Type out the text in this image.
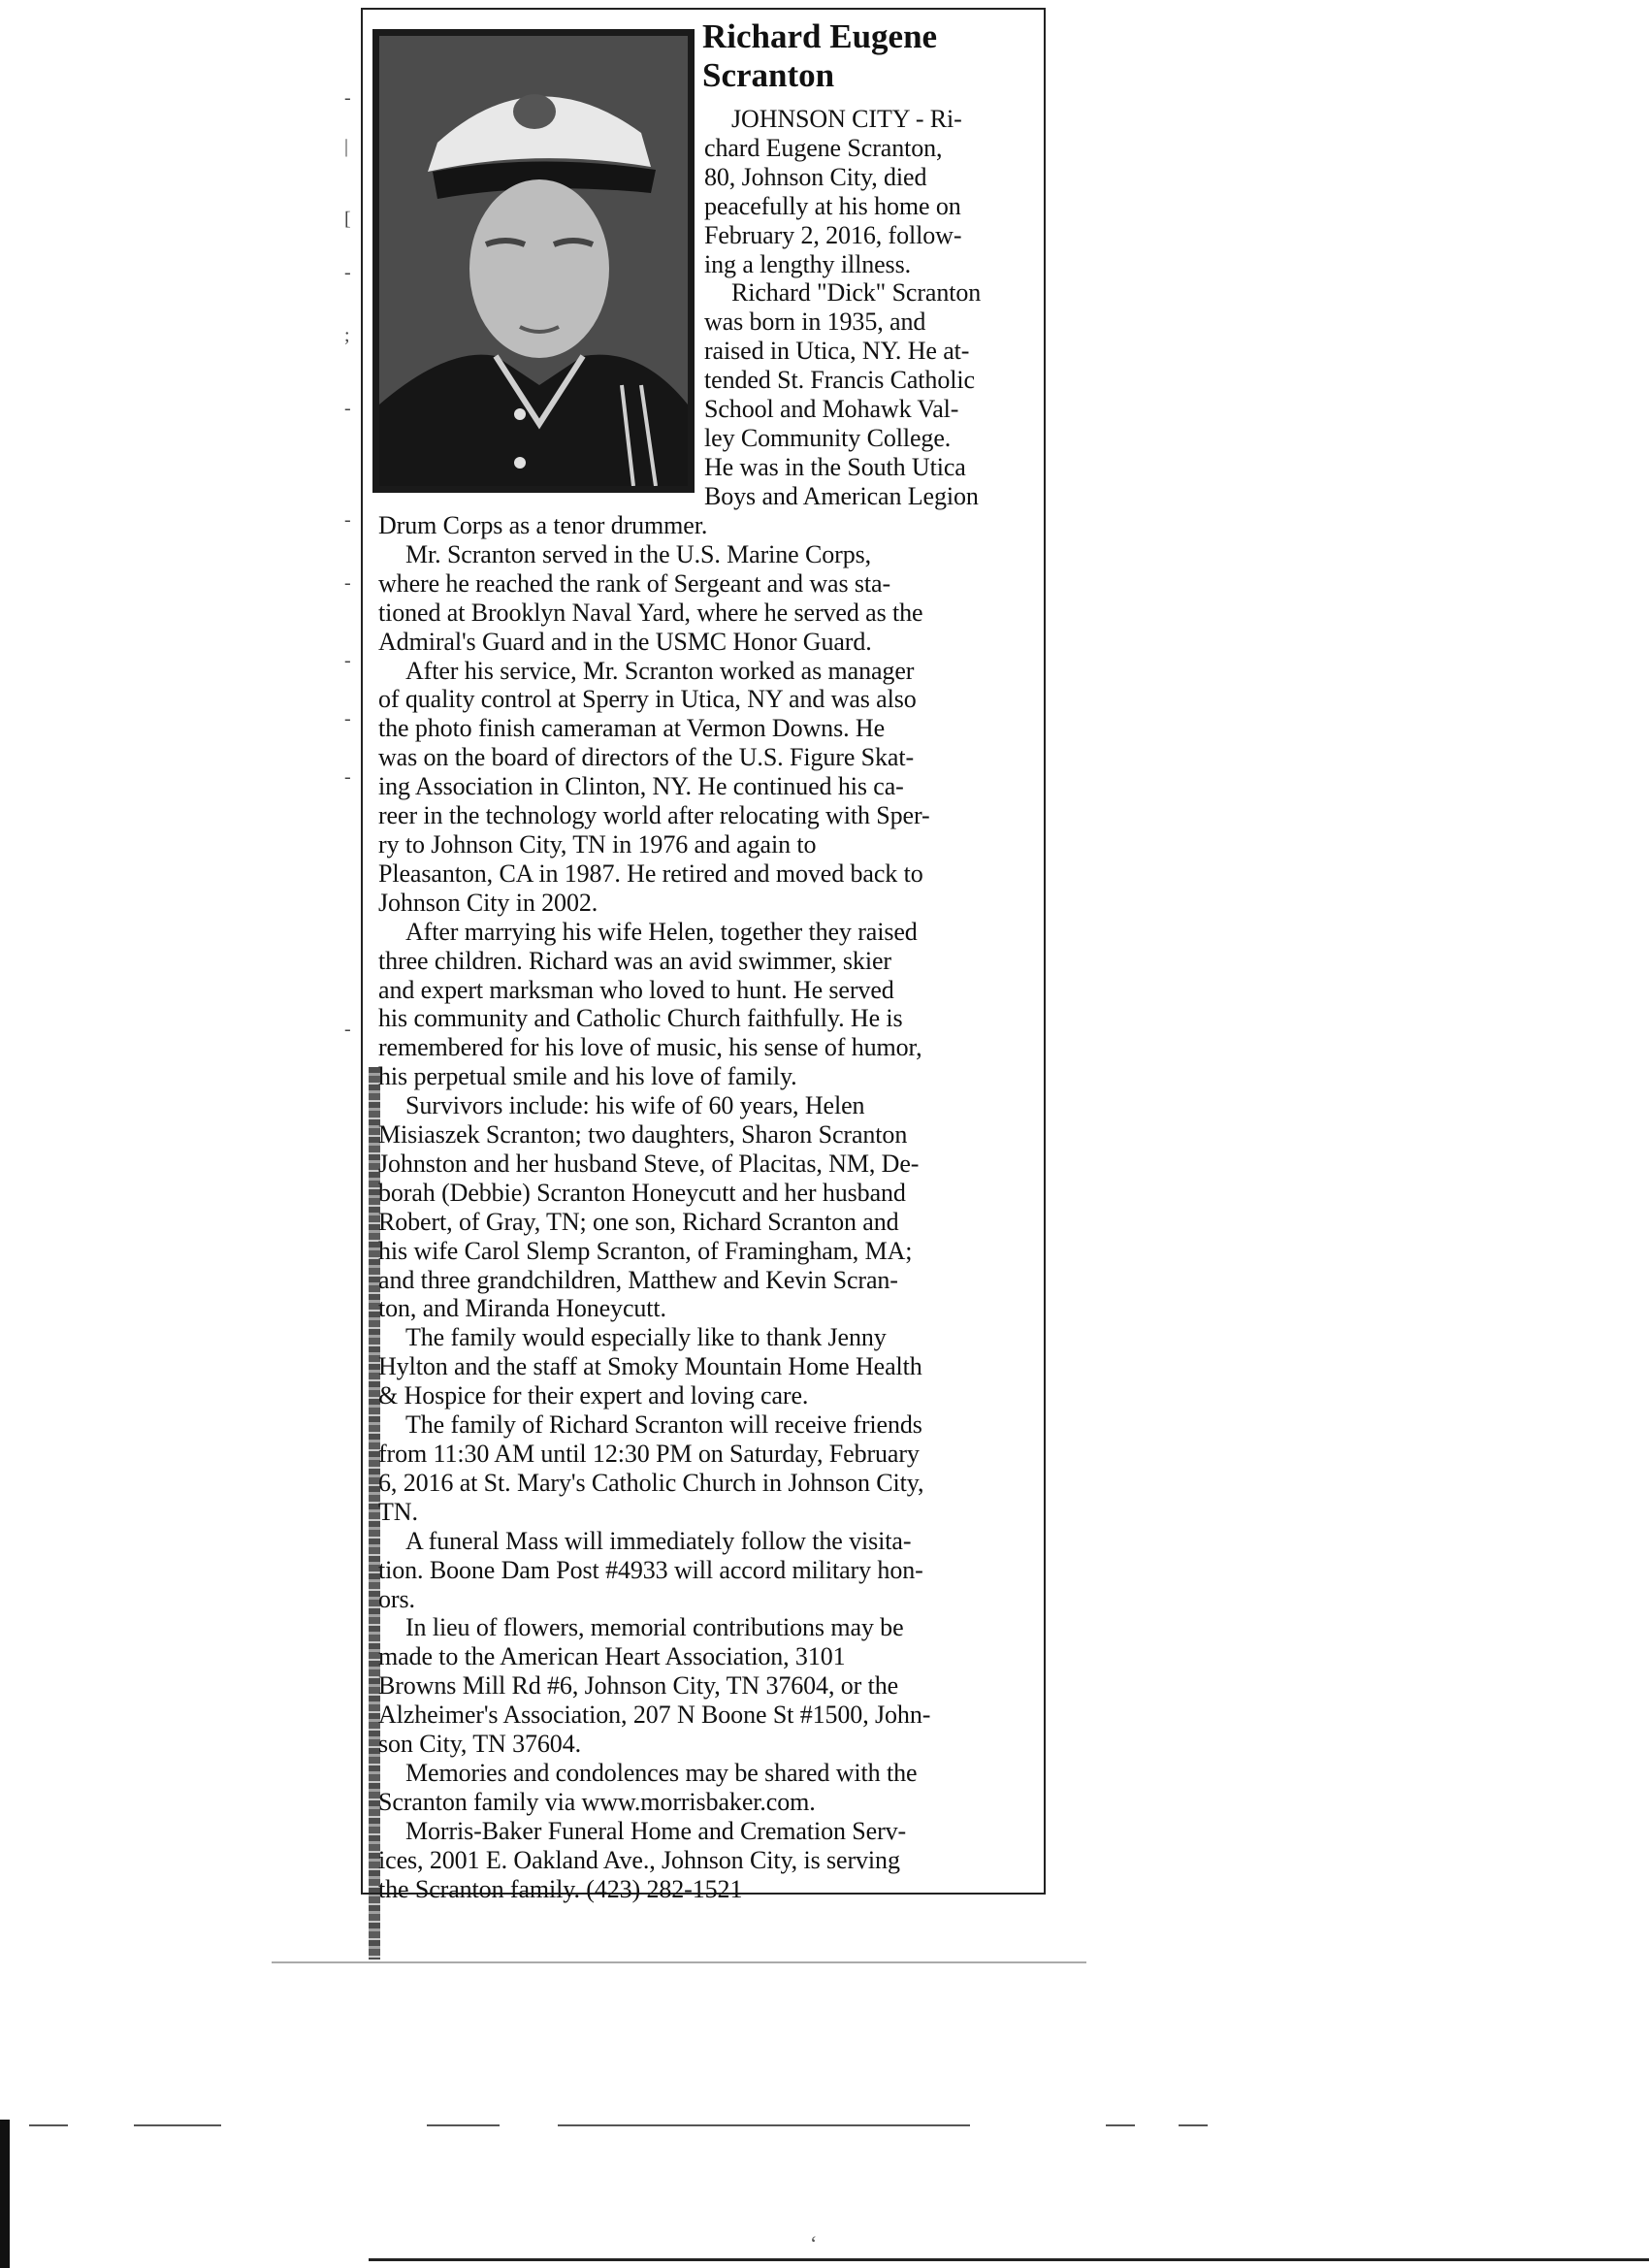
-
|
[
-
;
-
-
-
-
-
-
-
Richard Eugene
Scranton
JOHNSON CITY - Ri-
chard Eugene Scranton,
80, Johnson City, died
peacefully at his home on
February 2, 2016, follow-
ing a lengthy illness.
Richard "Dick" Scranton
was born in 1935, and
raised in Utica, NY. He at-
tended St. Francis Catholic
School and Mohawk Val-
ley Community College.
He was in the South Utica
Boys and American Legion
Drum Corps as a tenor drummer.
Mr. Scranton served in the U.S. Marine Corps,
where he reached the rank of Sergeant and was sta-
tioned at Brooklyn Naval Yard, where he served as the
Admiral's Guard and in the USMC Honor Guard.
After his service, Mr. Scranton worked as manager
of quality control at Sperry in Utica, NY and was also
the photo finish cameraman at Vermon Downs. He
was on the board of directors of the U.S. Figure Skat-
ing Association in Clinton, NY. He continued his ca-
reer in the technology world after relocating with Sper-
ry to Johnson City, TN in 1976 and again to
Pleasanton, CA in 1987. He retired and moved back to
Johnson City in 2002.
After marrying his wife Helen, together they raised
three children. Richard was an avid swimmer, skier
and expert marksman who loved to hunt. He served
his community and Catholic Church faithfully. He is
remembered for his love of music, his sense of humor,
his perpetual smile and his love of family.
Survivors include: his wife of 60 years, Helen
Misiaszek Scranton; two daughters, Sharon Scranton
Johnston and her husband Steve, of Placitas, NM, De-
borah (Debbie) Scranton Honeycutt and her husband
Robert, of Gray, TN; one son, Richard Scranton and
his wife Carol Slemp Scranton, of Framingham, MA;
and three grandchildren, Matthew and Kevin Scran-
ton, and Miranda Honeycutt.
The family would especially like to thank Jenny
Hylton and the staff at Smoky Mountain Home Health
& Hospice for their expert and loving care.
The family of Richard Scranton will receive friends
from 11:30 AM until 12:30 PM on Saturday, February
6, 2016 at St. Mary's Catholic Church in Johnson City,
TN.
A funeral Mass will immediately follow the visita-
tion. Boone Dam Post #4933 will accord military hon-
ors.
In lieu of flowers, memorial contributions may be
made to the American Heart Association, 3101
Browns Mill Rd #6, Johnson City, TN 37604, or the
Alzheimer's Association, 207 N Boone St #1500, John-
son City, TN 37604.
Memories and condolences may be shared with the
Scranton family via www.morrisbaker.com.
Morris-Baker Funeral Home and Cremation Serv-
ices, 2001 E. Oakland Ave., Johnson City, is serving
the Scranton family. (423) 282-1521
‘
